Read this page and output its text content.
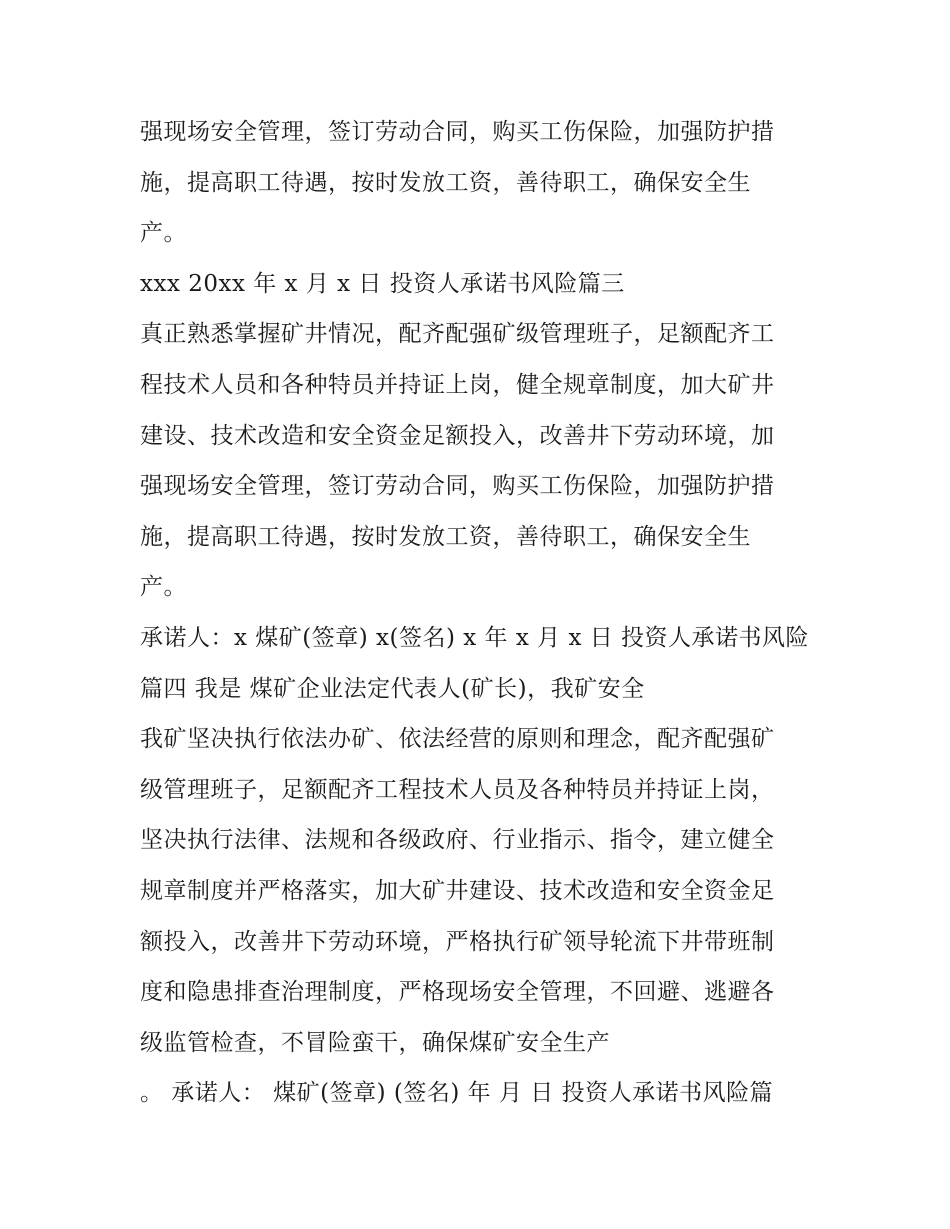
强现场安全管理，签订劳动合同，购买工伤保险，加强防护措
施，提高职工待遇，按时发放工资，善待职工，确保安全生
产。
xxx 20xx 年 x 月 x 日 投资人承诺书风险篇三
真正熟悉掌握矿井情况，配齐配强矿级管理班子，足额配齐工
程技术人员和各种特员并持证上岗，健全规章制度，加大矿井
建设、技术改造和安全资金足额投入，改善井下劳动环境，加
强现场安全管理，签订劳动合同，购买工伤保险，加强防护措
施，提高职工待遇，按时发放工资，善待职工，确保安全生
产。
承诺人：x 煤矿(签章) x(签名) x 年 x 月 x 日 投资人承诺书风险
篇四 我是 煤矿企业法定代表人(矿长)，我矿安全
我矿坚决执行依法办矿、依法经营的原则和理念，配齐配强矿
级管理班子，足额配齐工程技术人员及各种特员并持证上岗，
坚决执行法律、法规和各级政府、行业指示、指令，建立健全
规章制度并严格落实，加大矿井建设、技术改造和安全资金足
额投入，改善井下劳动环境，严格执行矿领导轮流下井带班制
度和隐患排查治理制度，严格现场安全管理，不回避、逃避各
级监管检查，不冒险蛮干，确保煤矿安全生产
。 承诺人： 煤矿(签章) (签名) 年 月 日 投资人承诺书风险篇
